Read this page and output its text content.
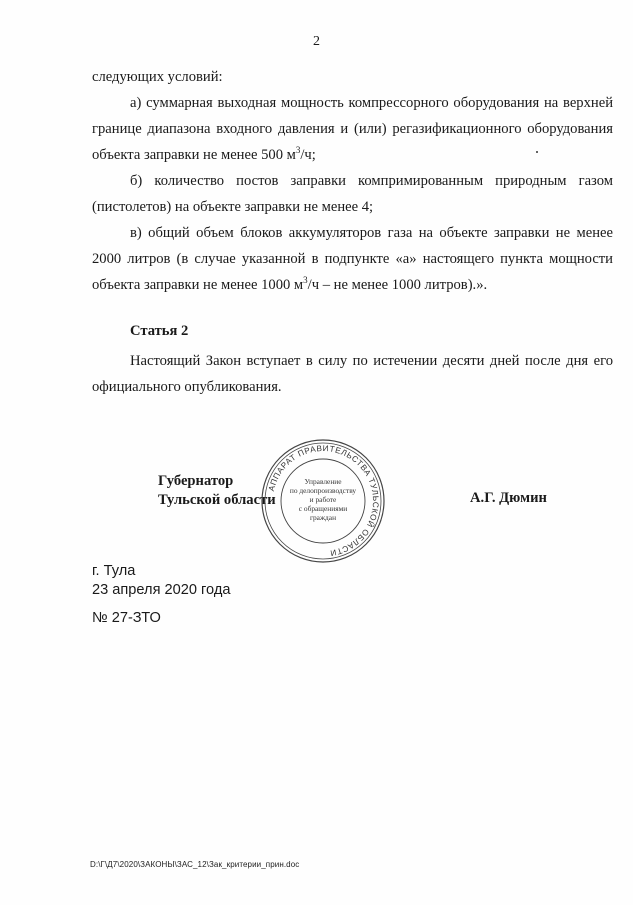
2

следующих условий:

а) суммарная выходная мощность компрессорного оборудования на верхней границе диапазона входного давления и (или) регазификационного оборудования объекта заправки не менее 500 $м^3/ч$;

б) количество постов заправки компримированным природным газом (пистолетов) на объекте заправки не менее 4;

в) общий объем блоков аккумуляторов газа на объекте заправки не менее 2000 литров (в случае указанной в подпункте «а» настоящего пункта мощности объекта заправки не менее 1000 $м^3/ч$ – не менее 1000 литров).».

Статья 2

Настоящий Закон вступает в силу по истечении десяти дней после дня его официального опубликования.

Губернатор
Тульской области
АППАРАТ ПРАВИТЕЛЬСТВА ТУЛЬСКОЙ ОБЛАСТИ
Управление
по делопроизводству
и работе
с обращениями
граждан
А.Г. Дюмин
г. Тула
23 апреля 2020 года
№ 27-ЗТО
D:\Г\Д7\2020\ЗАКОНЫ\ЗАС_12\Зак_критерии_прин.doc
